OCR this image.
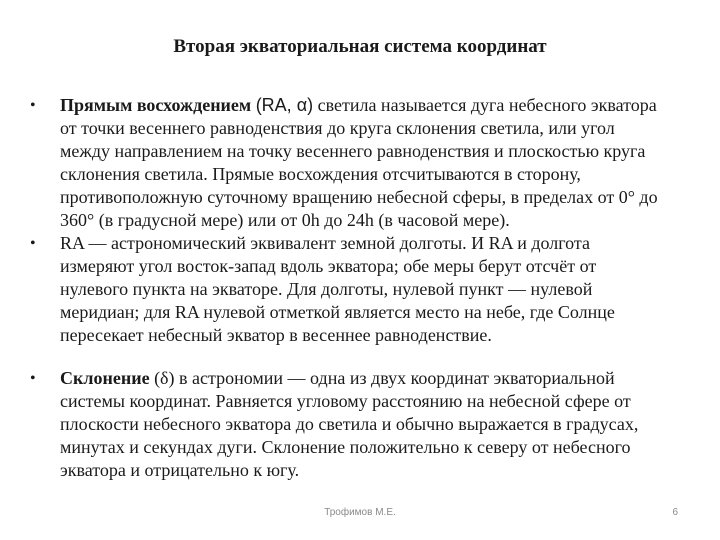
Вторая экваториальная система координат
• Прямым восхождением (RA, α) светила называется дуга небесного экватора от точки весеннего равноденствия до круга склонения светила, или угол между направлением на точку весеннего равноденствия и плоскостью круга склонения светила. Прямые восхождения отсчитываются в сторону, противоположную суточному вращению небесной сферы, в пределах от 0° до 360° (в градусной мере) или от 0h до 24h (в часовой мере).
• RA — астрономический эквивалент земной долготы. И RA и долгота измеряют угол восток-запад вдоль экватора; обе меры берут отсчёт от нулевого пункта на экваторе. Для долготы, нулевой пункт — нулевой меридиан; для RA нулевой отметкой является место на небе, где Солнце пересекает небесный экватор в весеннее равноденствие.
• Склонение (δ) в астрономии — одна из двух координат экваториальной системы координат. Равняется угловому расстоянию на небесной сфере от плоскости небесного экватора до светила и обычно выражается в градусах, минутах и секундах дуги. Склонение положительно к северу от небесного экватора и отрицательно к югу.
Трофимов М.Е.	6
